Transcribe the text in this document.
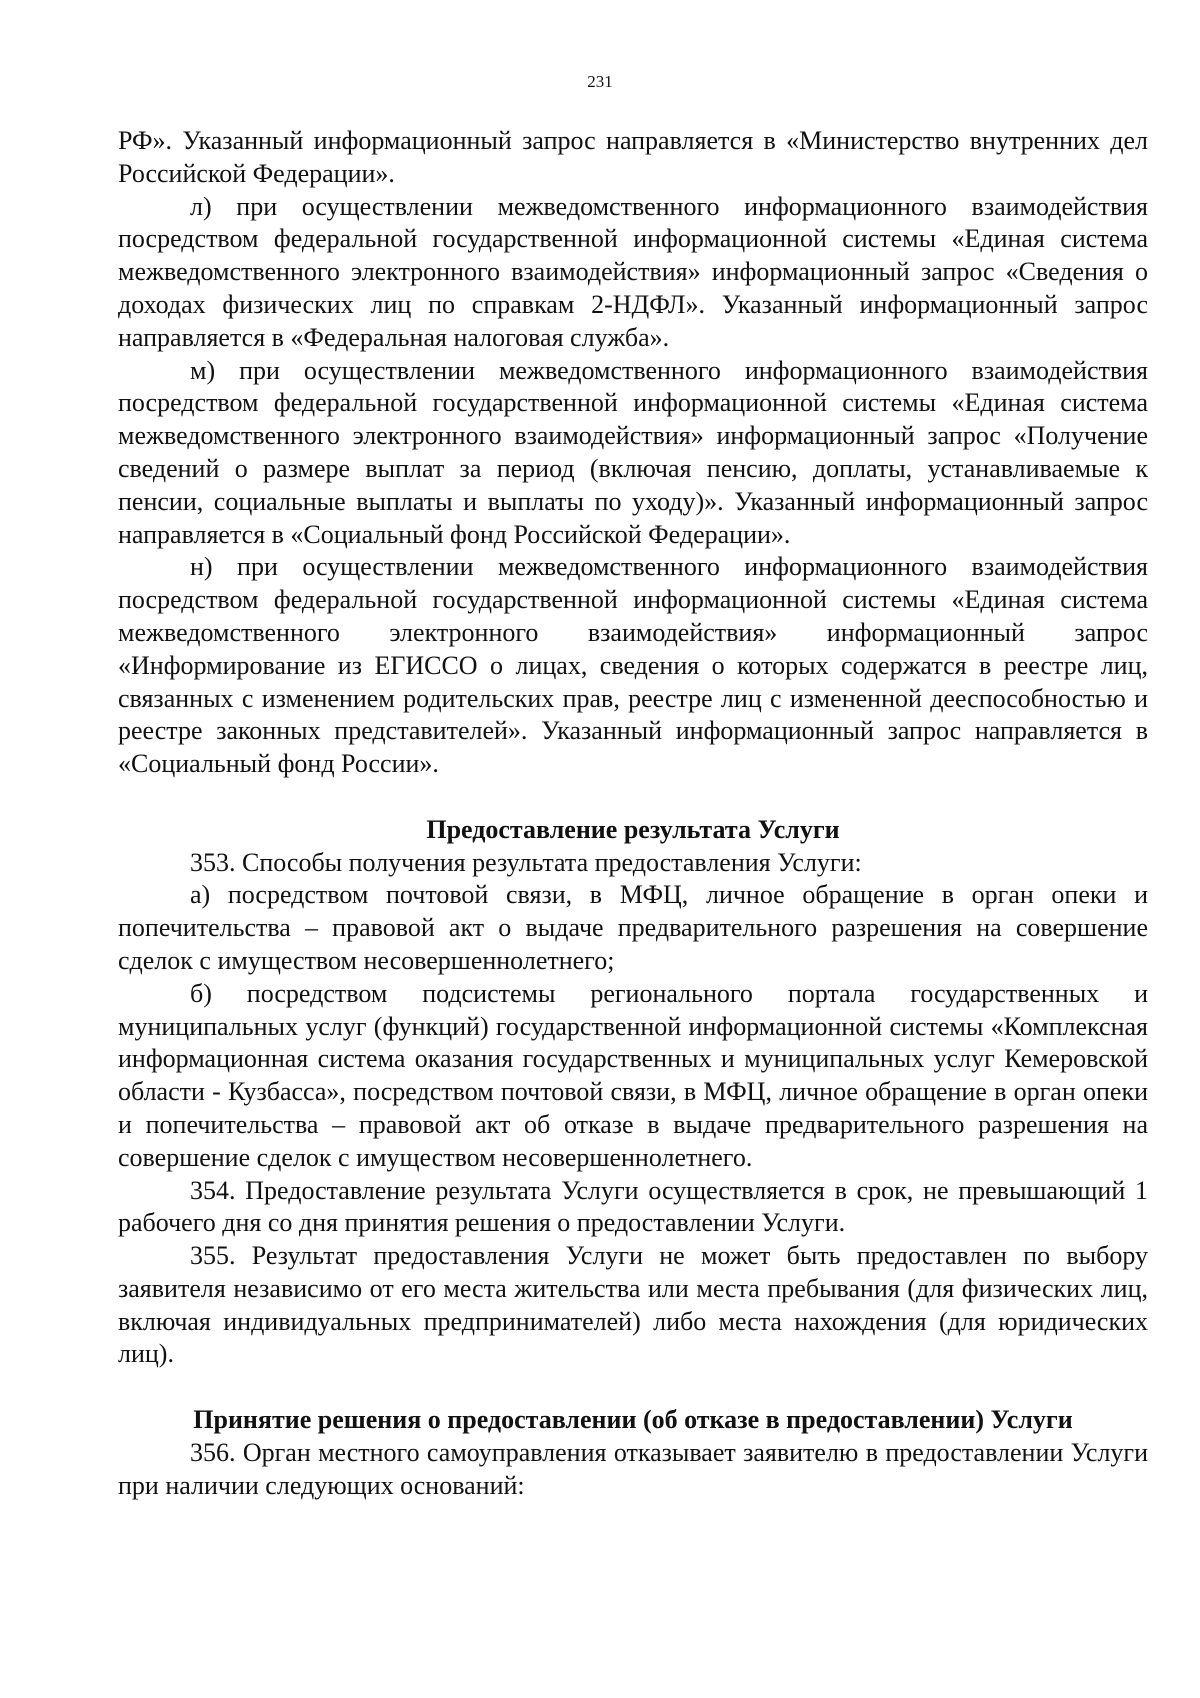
231

РФ». Указанный информационный запрос направляется в «Министерство внутренних дел Российской Федерации».

л) при осуществлении межведомственного информационного взаимодействия посредством федеральной государственной информационной системы «Единая система межведомственного электронного взаимодействия» информационный запрос «Сведения о доходах физических лиц по справкам 2-НДФЛ». Указанный информационный запрос направляется в «Федеральная налоговая служба».

м) при осуществлении межведомственного информационного взаимодействия посредством федеральной государственной информационной системы «Единая система межведомственного электронного взаимодействия» информационный запрос «Получение сведений о размере выплат за период (включая пенсию, доплаты, устанавливаемые к пенсии, социальные выплаты и выплаты по уходу)». Указанный информационный запрос направляется в «Социальный фонд Российской Федерации».

н) при осуществлении межведомственного информационного взаимодействия посредством федеральной государственной информационной системы «Единая система межведомственного электронного взаимодействия» информационный запрос «Информирование из ЕГИССО о лицах, сведения о которых содержатся в реестре лиц, связанных с изменением родительских прав, реестре лиц с измененной дееспособностью и реестре законных представителей». Указанный информационный запрос направляется в «Социальный фонд России».

Предоставление результата Услуги

353. Способы получения результата предоставления Услуги:

а) посредством почтовой связи, в МФЦ, личное обращение в орган опеки и попечительства – правовой акт о выдаче предварительного разрешения на совершение сделок с имуществом несовершеннолетнего;

б) посредством подсистемы регионального портала государственных и муниципальных услуг (функций) государственной информационной системы «Комплексная информационная система оказания государственных и муниципальных услуг Кемеровской области - Кузбасса», посредством почтовой связи, в МФЦ, личное обращение в орган опеки и попечительства – правовой акт об отказе в выдаче предварительного разрешения на совершение сделок с имуществом несовершеннолетнего.

354. Предоставление результата Услуги осуществляется в срок, не превышающий 1 рабочего дня со дня принятия решения о предоставлении Услуги.

355. Результат предоставления Услуги не может быть предоставлен по выбору заявителя независимо от его места жительства или места пребывания (для физических лиц, включая индивидуальных предпринимателей) либо места нахождения (для юридических лиц).

Принятие решения о предоставлении (об отказе в предоставлении) Услуги

356. Орган местного самоуправления отказывает заявителю в предоставлении Услуги при наличии следующих оснований:
